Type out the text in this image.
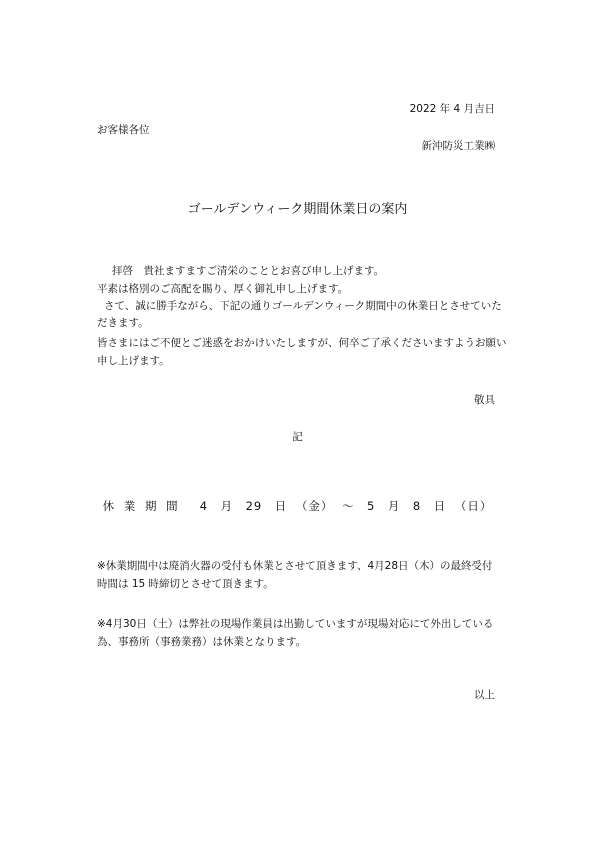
2022 年 4 月吉日
お客様各位
新沖防災工業㈱
ゴールデンウィーク期間休業日の案内
拝啓　貴社ますますご清栄のこととお喜び申し上げます。
平素は格別のご高配を賜り、厚く御礼申し上げます。
さて、誠に勝手ながら、下記の通りゴールデンウィーク期間中の休業日とさせていた
だきます。
皆さまにはご不便とご迷惑をおかけいたしますが、何卒ご了承くださいますようお願い
申し上げます。
敬具
記
休 業 期 間　 4　月　29　日 （金） ～　5　月　8　日 （日）
※休業期間中は廃消火器の受付も休業とさせて頂きます、4月28日（木）の最終受付
時間は 15 時締切とさせて頂きます。
※4月30日（土）は弊社の現場作業員は出勤していますが現場対応にて外出している
為、事務所（事務業務）は休業となります。
以上
